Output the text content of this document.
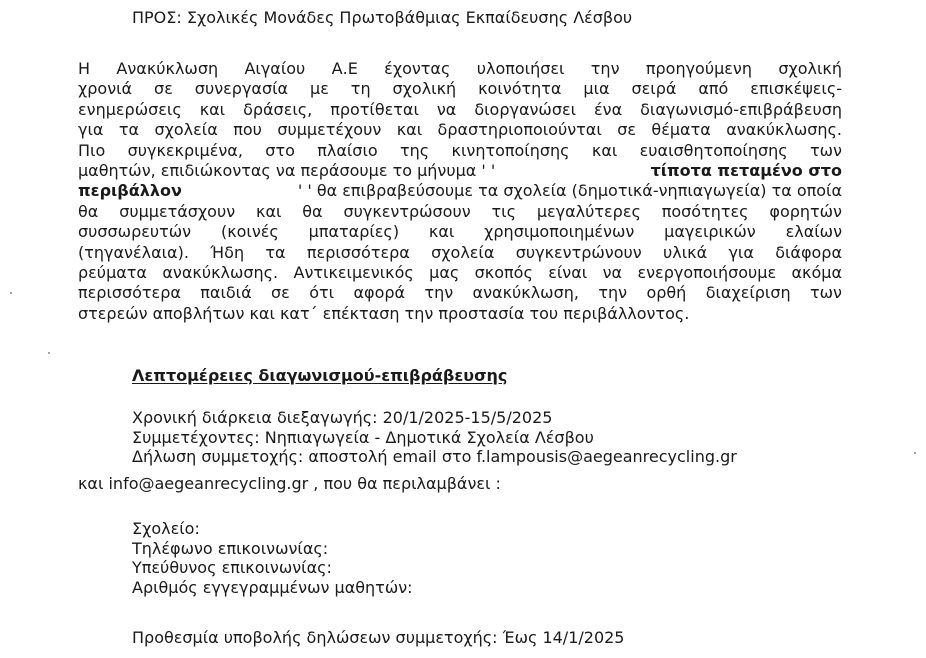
ΠΡΟΣ: Σχολικές Μονάδες Πρωτοβάθμιας Εκπαίδευσης Λέσβου
Η Ανακύκλωση Αιγαίου Α.Ε έχοντας υλοποιήσει την προηγούμενη σχολική
χρονιά σε συνεργασία με τη σχολική κοινότητα μια σειρά από επισκέψεις-
ενημερώσεις και δράσεις, προτίθεται να διοργανώσει ένα διαγωνισμό-επιβράβευση
για τα σχολεία που συμμετέχουν και δραστηριοποιούνται σε θέματα ανακύκλωσης.
Πιο συγκεκριμένα, στο πλαίσιο της κινητοποίησης και ευαισθητοποίησης των
μαθητών, επιδιώκοντας να περάσουμε το μήνυμα ' '	τίποτα πεταμένο στο
περιβάλλον	' ' θα επιβραβεύσουμε τα σχολεία (δημοτικά-νηπιαγωγεία) τα οποία
θα συμμετάσχουν και θα συγκεντρώσουν τις μεγαλύτερες ποσότητες φορητών
συσσωρευτών (κοινές μπαταρίες) και χρησιμοποιημένων μαγειρικών ελαίων
(τηγανέλαια). Ήδη τα περισσότερα σχολεία συγκεντρώνουν υλικά για διάφορα
ρεύματα ανακύκλωσης. Αντικειμενικός μας σκοπός είναι να ενεργοποιήσουμε ακόμα
περισσότερα παιδιά σε ότι αφορά την ανακύκλωση, την ορθή διαχείριση των
στερεών αποβλήτων και κατ΄ επέκταση την προστασία του περιβάλλοντος.
Λεπτομέρειες διαγωνισμού-επιβράβευσης
Χρονική διάρκεια διεξαγωγής: 20/1/2025-15/5/2025
Συμμετέχοντες: Νηπιαγωγεία - Δημοτικά Σχολεία Λέσβου
Δήλωση συμμετοχής: αποστολή email στο f.lampousis@aegeanrecycling.gr
και info@aegeanrecycling.gr , που θα περιλαμβάνει :
Σχολείο:
Τηλέφωνο επικοινωνίας:
Υπεύθυνος επικοινωνίας:
Αριθμός εγγεγραμμένων μαθητών:
Προθεσμία υποβολής δηλώσεων συμμετοχής: Έως 14/1/2025
